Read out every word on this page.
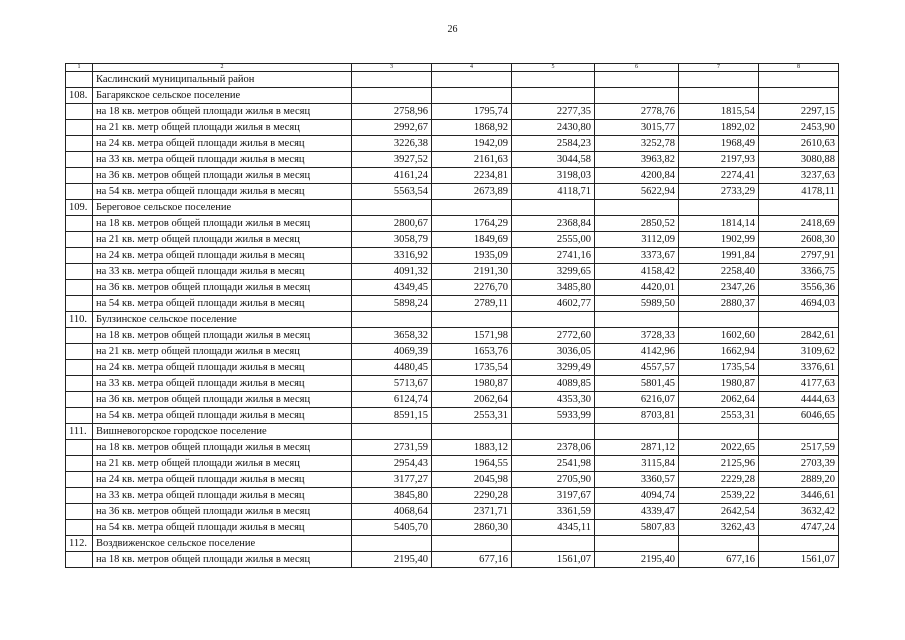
26
1	2	3	4	5	6	7	8
	Каслинский муниципальный район						
108.	Багарякское сельское поселение						
	на 18 кв. метров общей площади жилья в месяц	2758,96	1795,74	2277,35	2778,76	1815,54	2297,15
	на 21 кв. метр общей площади жилья в месяц	2992,67	1868,92	2430,80	3015,77	1892,02	2453,90
	на 24 кв. метра общей площади жилья в месяц	3226,38	1942,09	2584,23	3252,78	1968,49	2610,63
	на 33 кв. метра общей площади жилья в месяц	3927,52	2161,63	3044,58	3963,82	2197,93	3080,88
	на 36 кв. метров общей площади жилья в месяц	4161,24	2234,81	3198,03	4200,84	2274,41	3237,63
	на 54 кв. метра общей площади жилья в месяц	5563,54	2673,89	4118,71	5622,94	2733,29	4178,11
109.	Береговое сельское поселение						
	на 18 кв. метров общей площади жилья в месяц	2800,67	1764,29	2368,84	2850,52	1814,14	2418,69
	на 21 кв. метр общей площади жилья в месяц	3058,79	1849,69	2555,00	3112,09	1902,99	2608,30
	на 24 кв. метра общей площади жилья в месяц	3316,92	1935,09	2741,16	3373,67	1991,84	2797,91
	на 33 кв. метра общей площади жилья в месяц	4091,32	2191,30	3299,65	4158,42	2258,40	3366,75
	на 36 кв. метров общей площади жилья в месяц	4349,45	2276,70	3485,80	4420,01	2347,26	3556,36
	на 54 кв. метра общей площади жилья в месяц	5898,24	2789,11	4602,77	5989,50	2880,37	4694,03
110.	Булзинское сельское поселение						
	на 18 кв. метров общей площади жилья в месяц	3658,32	1571,98	2772,60	3728,33	1602,60	2842,61
	на 21 кв. метр общей площади жилья в месяц	4069,39	1653,76	3036,05	4142,96	1662,94	3109,62
	на 24 кв. метра общей площади жилья в месяц	4480,45	1735,54	3299,49	4557,57	1735,54	3376,61
	на 33 кв. метра общей площади жилья в месяц	5713,67	1980,87	4089,85	5801,45	1980,87	4177,63
	на 36 кв. метров общей площади жилья в месяц	6124,74	2062,64	4353,30	6216,07	2062,64	4444,63
	на 54 кв. метра общей площади жилья в месяц	8591,15	2553,31	5933,99	8703,81	2553,31	6046,65
111.	Вишневогорское городское поселение						
	на 18 кв. метров общей площади жилья в месяц	2731,59	1883,12	2378,06	2871,12	2022,65	2517,59
	на 21 кв. метр общей площади жилья в месяц	2954,43	1964,55	2541,98	3115,84	2125,96	2703,39
	на 24 кв. метра общей площади жилья в месяц	3177,27	2045,98	2705,90	3360,57	2229,28	2889,20
	на 33 кв. метра общей площади жилья в месяц	3845,80	2290,28	3197,67	4094,74	2539,22	3446,61
	на 36 кв. метров общей площади жилья в месяц	4068,64	2371,71	3361,59	4339,47	2642,54	3632,42
	на 54 кв. метра общей площади жилья в месяц	5405,70	2860,30	4345,11	5807,83	3262,43	4747,24
112.	Воздвиженское сельское поселение						
	на 18 кв. метров общей площади жилья в месяц	2195,40	677,16	1561,07	2195,40	677,16	1561,07
